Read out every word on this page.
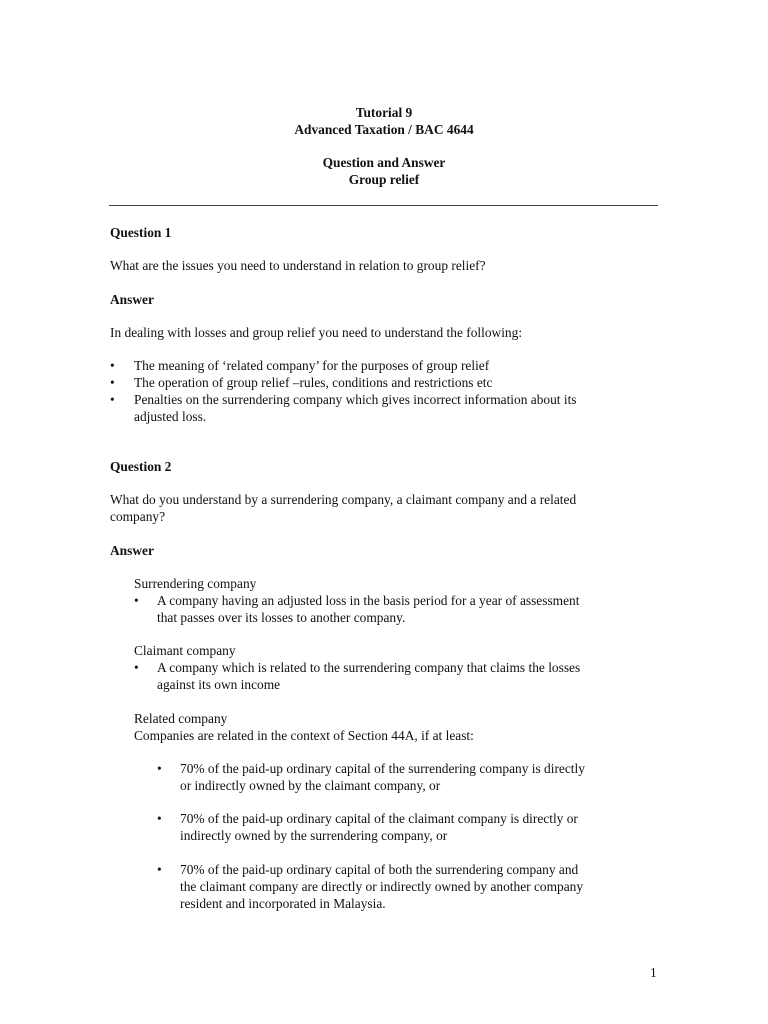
Tutorial 9
Advanced Taxation / BAC 4644
Question and Answer
Group relief
Question 1
What are the issues you need to understand in relation to group relief?
Answer
In dealing with losses and group relief you need to understand the following:
• The meaning of ‘related company’ for the purposes of group relief
• The operation of group relief –rules, conditions and restrictions etc
• Penalties on the surrendering company which gives incorrect information about its
adjusted loss.
Question 2
What do you understand by a surrendering company, a claimant company and a related
company?
Answer
Surrendering company
• A company having an adjusted loss in the basis period for a year of assessment
that passes over its losses to another company.
Claimant company
• A company which is related to the surrendering company that claims the losses
against its own income
Related company
Companies are related in the context of Section 44A, if at least:
• 70% of the paid-up ordinary capital of the surrendering company is directly
or indirectly owned by the claimant company, or
• 70% of the paid-up ordinary capital of the claimant company is directly or
indirectly owned by the surrendering company, or
• 70% of the paid-up ordinary capital of both the surrendering company and
the claimant company are directly or indirectly owned by another company
resident and incorporated in Malaysia.
1
